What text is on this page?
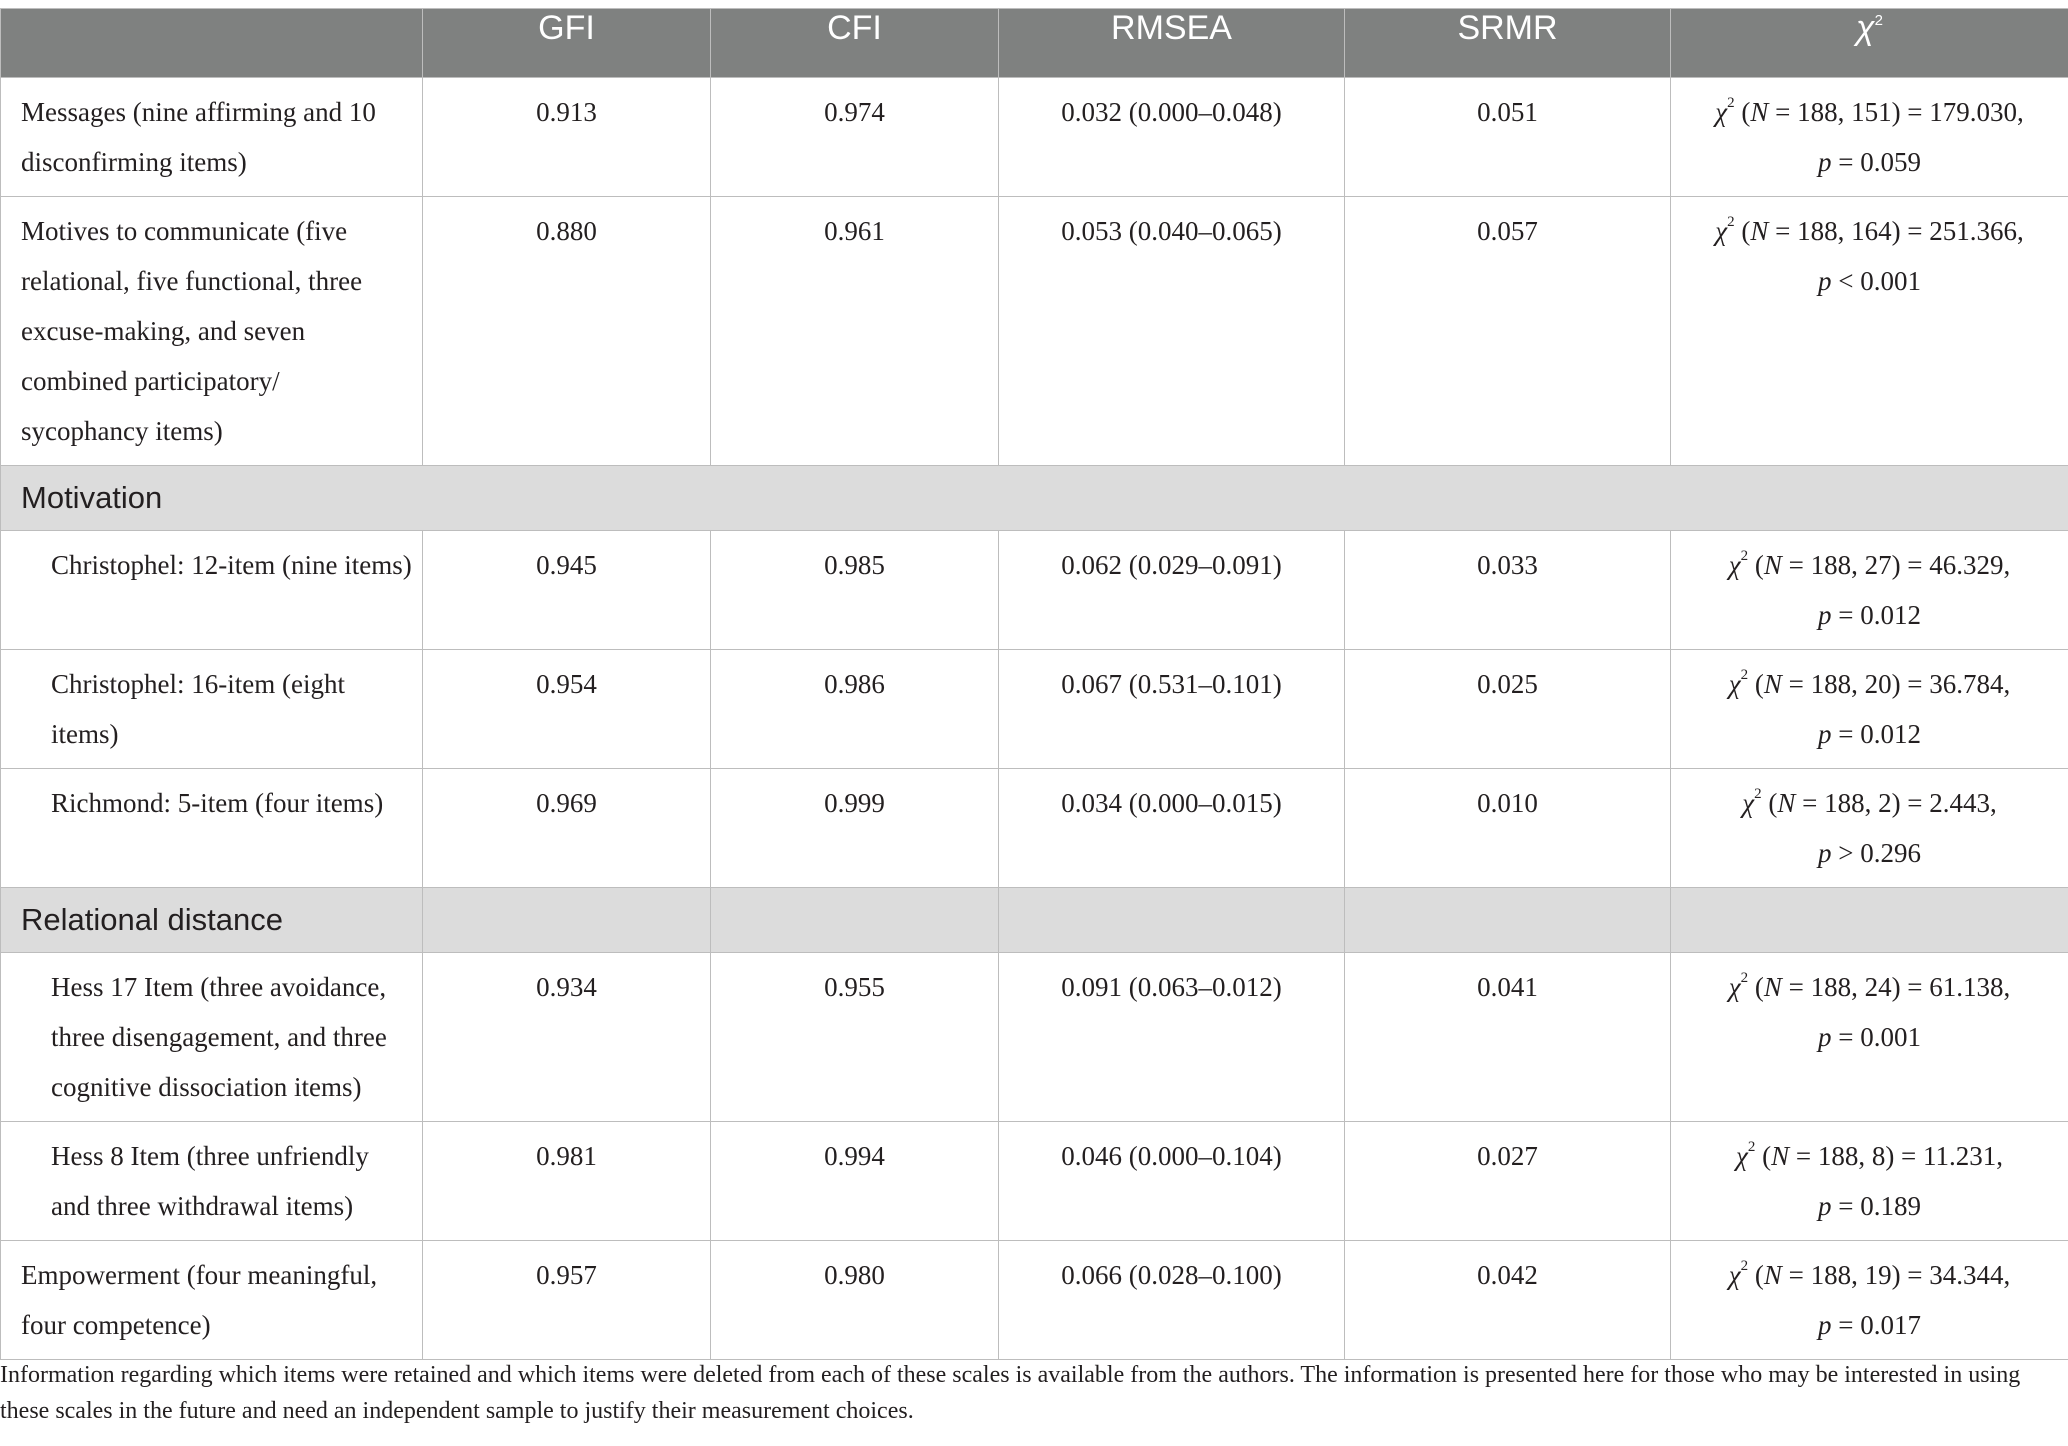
	GFI	CFI	RMSEA	SRMR	$\chi^2$

Messages (nine affirming and 10 disconfirming items)	0.913	0.974	0.032 (0.000–0.048)	0.051	$\chi^2$ (N = 188, 151) = 179.030,
p = 0.059

Motives to communicate (five relational, five functional, three excuse-making, and seven combined participatory/ sycophancy items)	0.880	0.961	0.053 (0.040–0.065)	0.057	$\chi^2$ (N = 188, 164) = 251.366,
p < 0.001

Motivation					

Christophel: 12-item (nine items)	0.945	0.985	0.062 (0.029–0.091)	0.033	$\chi^2$ (N = 188, 27) = 46.329,
p = 0.012

Christophel: 16-item (eight items)	0.954	0.986	0.067 (0.531–0.101)	0.025	$\chi^2$ (N = 188, 20) = 36.784,
p = 0.012

Richmond: 5-item (four items)	0.969	0.999	0.034 (0.000–0.015)	0.010	$\chi^2$ (N = 188, 2) = 2.443,
p > 0.296

Relational distance					

Hess 17 Item (three avoidance, three disengagement, and three cognitive dissociation items)	0.934	0.955	0.091 (0.063–0.012)	0.041	$\chi^2$ (N = 188, 24) = 61.138,
p = 0.001

Hess 8 Item (three unfriendly and three withdrawal items)	0.981	0.994	0.046 (0.000–0.104)	0.027	$\chi^2$ (N = 188, 8) = 11.231,
p = 0.189

Empowerment (four meaningful, four competence)	0.957	0.980	0.066 (0.028–0.100)	0.042	$\chi^2$ (N = 188, 19) = 34.344,
p = 0.017
Information regarding which items were retained and which items were deleted from each of these scales is available from the authors. The information is presented here for those who may be interested in using these scales in the future and need an independent sample to justify their measurement choices.
